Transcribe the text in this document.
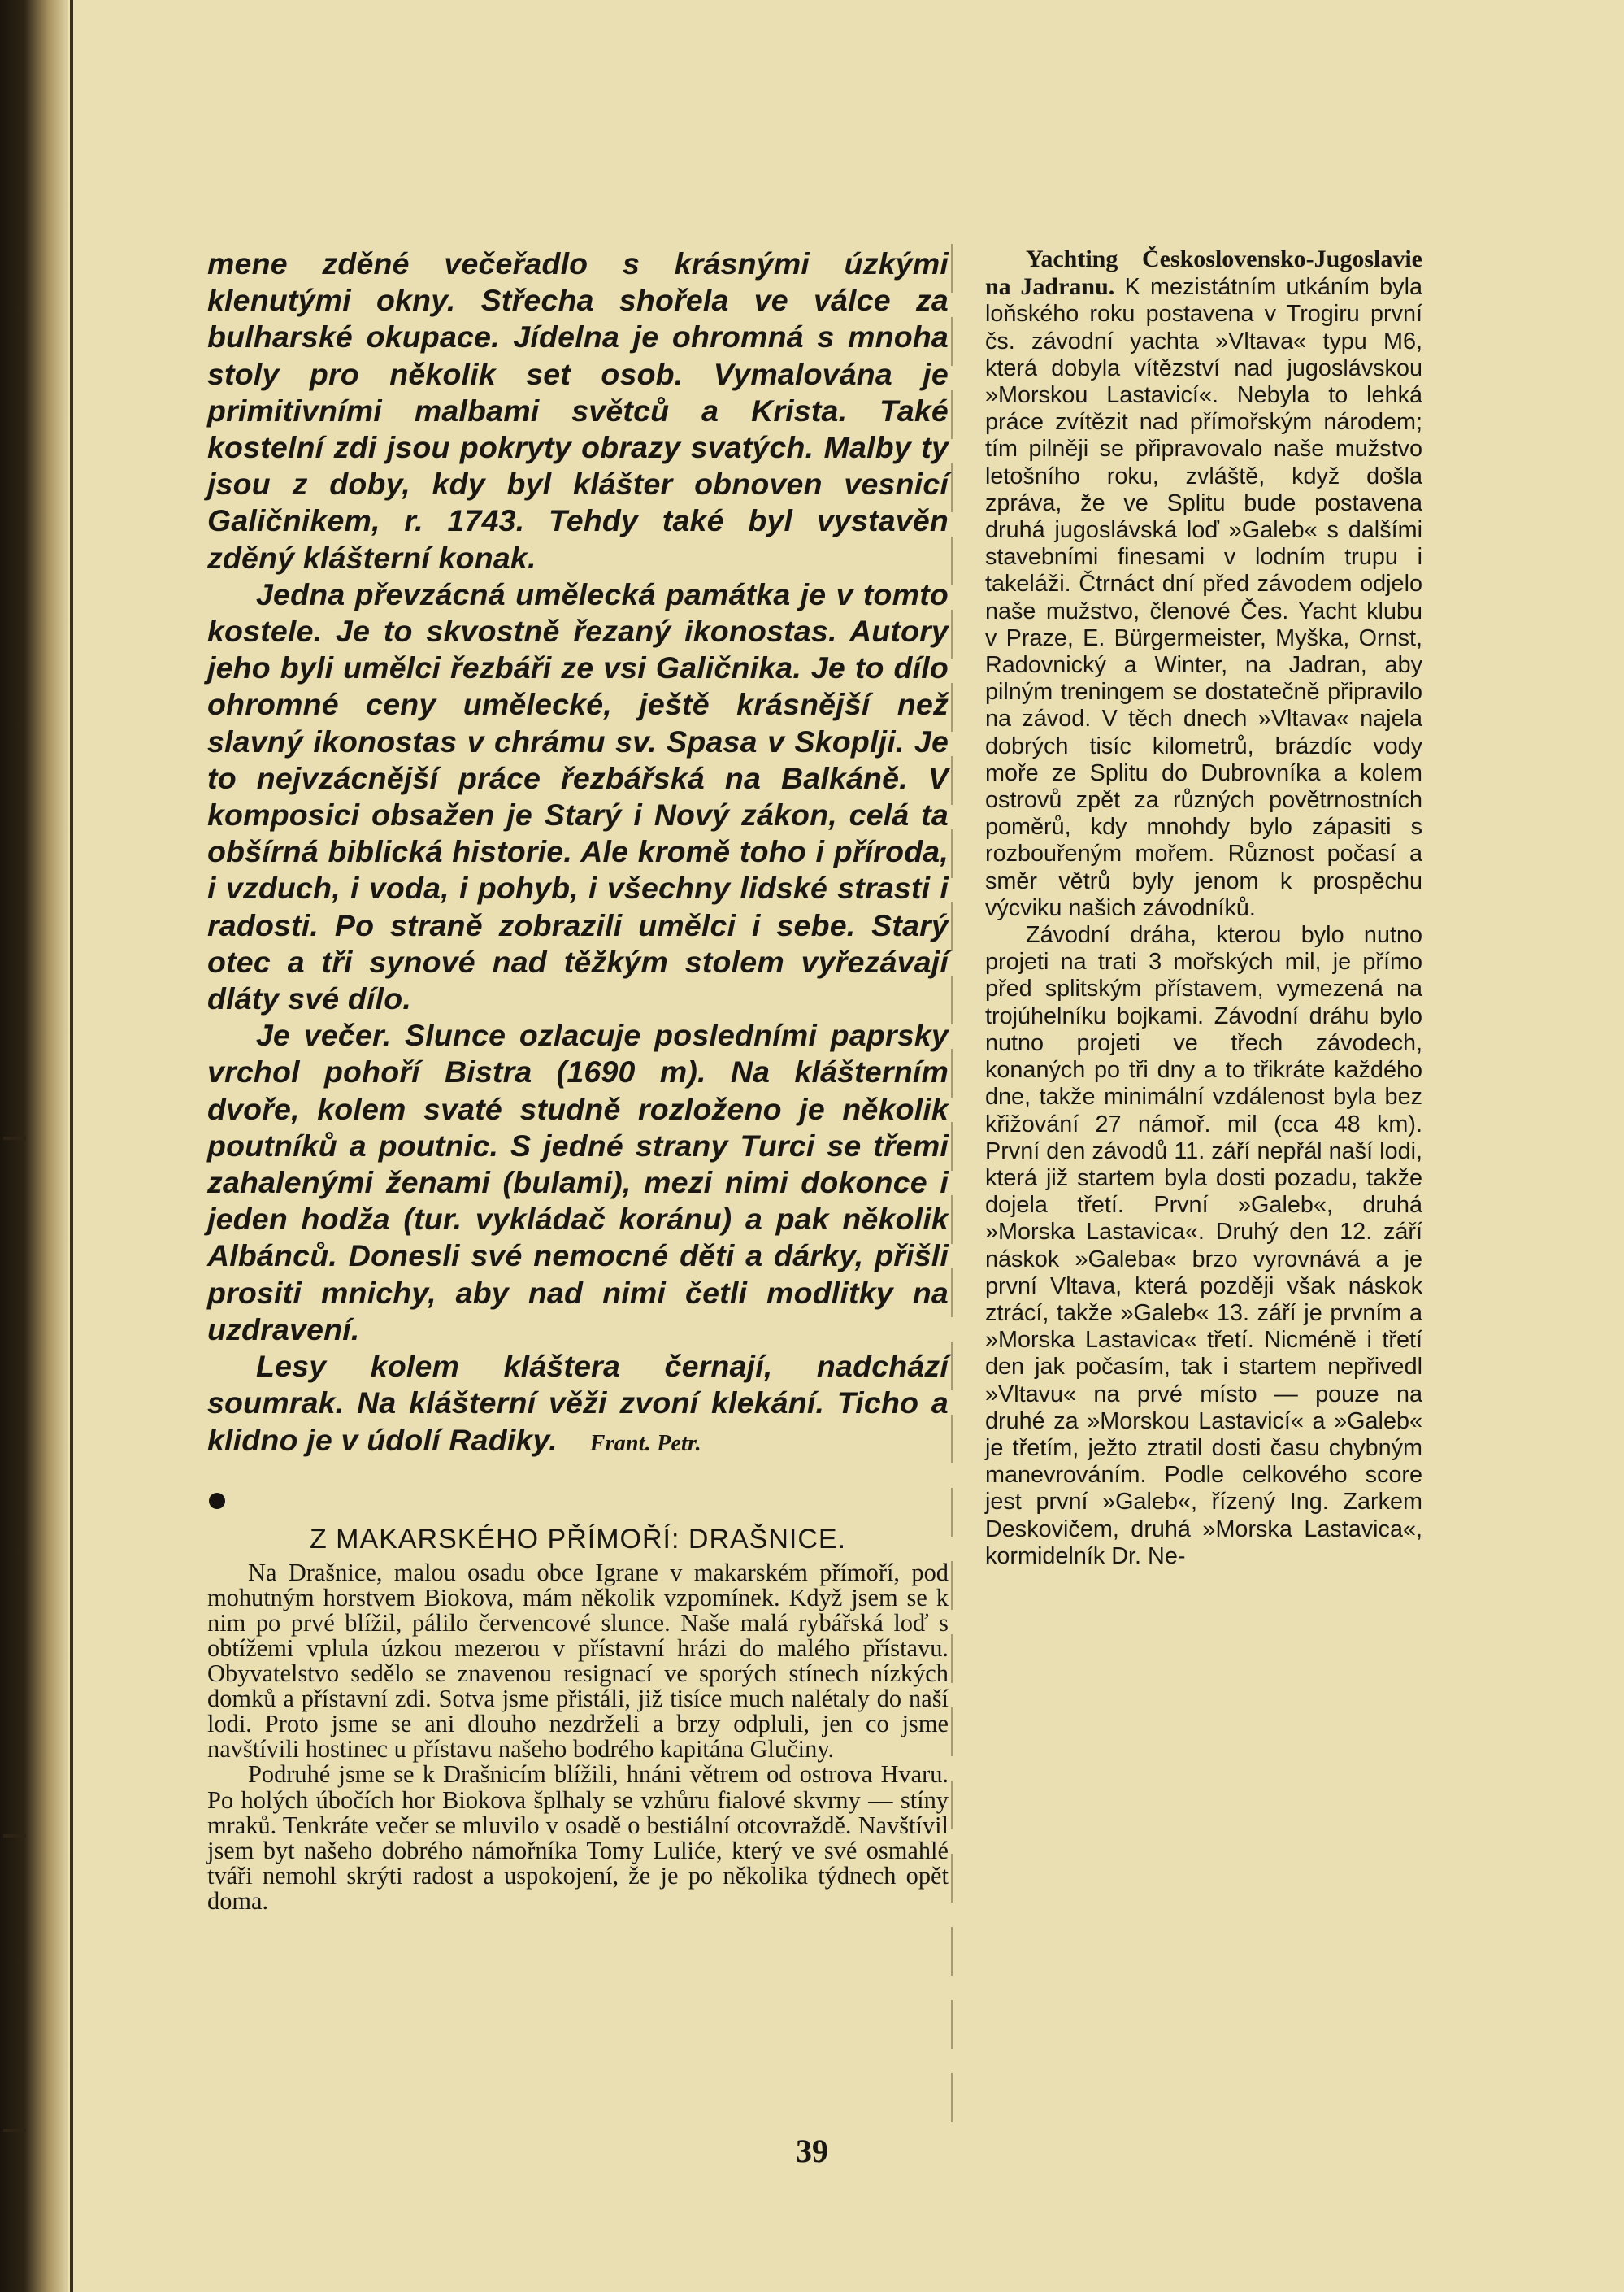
mene zděné večeřadlo s krásnými úzkými klenutými okny. Střecha shořela ve válce za bulharské okupace. Jídelna je ohromná s mnoha stoly pro několik set osob. Vymalována je primitivními malbami světců a Krista. Také kostelní zdi jsou pokryty obrazy svatých. Malby ty jsou z doby, kdy byl klášter obnoven vesnicí Galičnikem, r. 1743. Tehdy také byl vystavěn zděný klášterní konak.

Jedna převzácná umělecká památka je v tomto kostele. Je to skvostně řezaný ikonostas. Autory jeho byli umělci řezbáři ze vsi Galičnika. Je to dílo ohromné ceny umělecké, ještě krásnější než slavný ikonostas v chrámu sv. Spasa v Skoplji. Je to nejvzácnější práce řezbářská na Balkáně. V komposici obsažen je Starý i Nový zákon, celá ta obšírná biblická historie. Ale kromě toho i příroda, i vzduch, i voda, i pohyb, i všechny lidské strasti i radosti. Po straně zobrazili umělci i sebe. Starý otec a tři synové nad těžkým stolem vyřezávají dláty své dílo.

Je večer. Slunce ozlacuje posledními paprsky vrchol pohoří Bistra (1690 m). Na klášterním dvoře, kolem svaté studně rozloženo je několik poutníků a poutnic. S jedné strany Turci se třemi zahalenými ženami (bulami), mezi nimi dokonce i jeden hodža (tur. vykládač koránu) a pak několik Albánců. Donesli své nemocné děti a dárky, přišli prositi mnichy, aby nad nimi četli modlitky na uzdravení.

Lesy kolem kláštera černají, nadchází soumrak. Na klášterní věži zvoní klekání. Ticho a klidno je v údolí Radiky. Frant. Petr.

Z MAKARSKÉHO PŘÍMOŘÍ: DRAŠNICE.

Na Drašnice, malou osadu obce Igrane v makarském přímoří, pod mohutným horstvem Biokova, mám několik vzpomínek. Když jsem se k nim po prvé blížil, pálilo červencové slunce. Naše malá rybářská loď s obtížemi vplula úzkou mezerou v přístavní hrázi do malého přístavu. Obyvatelstvo sedělo se znavenou resignací ve sporých stínech nízkých domků a přístavní zdi. Sotva jsme přistáli, již tisíce much nalétaly do naší lodi. Proto jsme se ani dlouho nezdrželi a brzy odpluli, jen co jsme navštívili hostinec u přístavu našeho bodrého kapitána Glučiny.

Podruhé jsme se k Drašnicím blížili, hnáni větrem od ostrova Hvaru. Po holých úbočích hor Biokova šplhaly se vzhůru fialové skvrny — stíny mraků. Tenkráte večer se mluvilo v osadě o bestiální otcovraždě. Navštívil jsem byt našeho dobrého námořníka Tomy Luliće, který ve své osmahlé tváři nemohl skrýti radost a uspokojení, že je po několika týdnech opět doma.

Yachting Československo-Jugoslavie na Jadranu. K mezistátním utkáním byla loňského roku postavena v Trogiru první čs. závodní yachta »Vltava« typu M6, která dobyla vítězství nad jugoslávskou »Morskou Lastavicí«. Nebyla to lehká práce zvítězit nad přímořským národem; tím pilněji se připravovalo naše mužstvo letošního roku, zvláště, když došla zpráva, že ve Splitu bude postavena druhá jugoslávská loď »Galeb« s dalšími stavebními finesami v lodním trupu i takeláži. Čtrnáct dní před závodem odjelo naše mužstvo, členové Čes. Yacht klubu v Praze, E. Bürgermeister, Myška, Ornst, Radovnický a Winter, na Jadran, aby pilným treningem se dostatečně připravilo na závod. V těch dnech »Vltava« najela dobrých tisíc kilometrů, brázdíc vody moře ze Splitu do Dubrovníka a kolem ostrovů zpět za různých povětrnostních poměrů, kdy mnohdy bylo zápasiti s rozbouřeným mořem. Různost počasí a směr větrů byly jenom k prospěchu výcviku našich závodníků.

Závodní dráha, kterou bylo nutno projeti na trati 3 mořských mil, je přímo před splitským přístavem, vymezená na trojúhelníku bojkami. Závodní dráhu bylo nutno projeti ve třech závodech, konaných po tři dny a to třikráte každého dne, takže minimální vzdálenost byla bez křižování 27 námoř. mil (cca 48 km). První den závodů 11. září nepřál naší lodi, která již startem byla dosti pozadu, takže dojela třetí. První »Galeb«, druhá »Morska Lastavica«. Druhý den 12. září náskok »Galeba« brzo vyrovnává a je první Vltava, která později však náskok ztrácí, takže »Galeb« 13. září je prvním a »Morska Lastavica« třetí. Nicméně i třetí den jak počasím, tak i startem nepřivedl »Vltavu« na prvé místo — pouze na druhé za »Morskou Lastavicí« a »Galeb« je třetím, ježto ztratil dosti času chybným manevrováním. Podle celkového score jest první »Galeb«, řízený Ing. Zarkem Deskovičem, druhá »Morska Lastavica«, kormidelník Dr. Ne-

39
